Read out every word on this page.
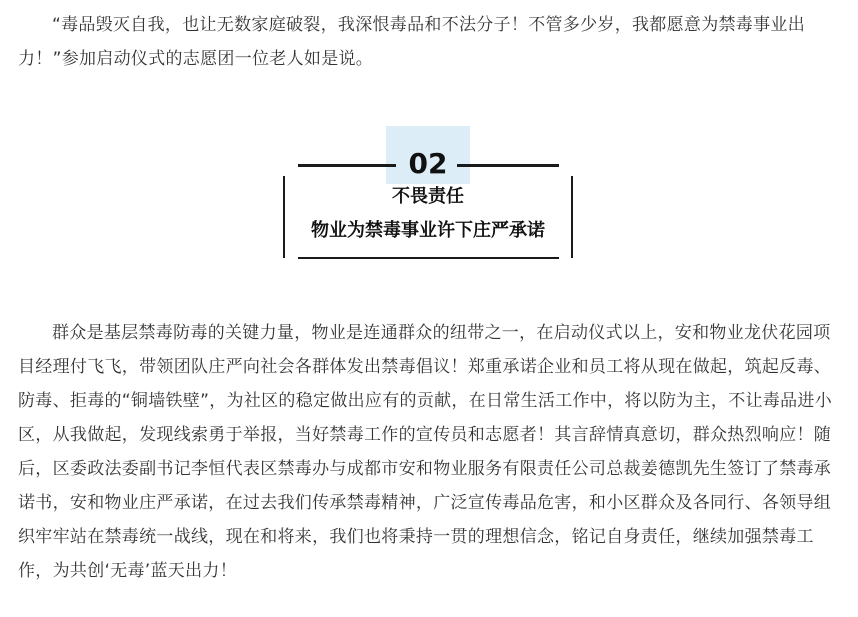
“毒品毁灭自我，也让无数家庭破裂，我深恨毒品和不法分子！不管多少岁，我都愿意为禁毒事业出力！”参加启动仪式的志愿团一位老人如是说。

02
不畏责任
物业为禁毒事业许下庄严承诺

群众是基层禁毒防毒的关键力量，物业是连通群众的纽带之一，在启动仪式以上，安和物业龙伏花园项目经理付飞飞，带领团队庄严向社会各群体发出禁毒倡议！郑重承诺企业和员工将从现在做起，筑起反毒、防毒、拒毒的“铜墙铁壁”，为社区的稳定做出应有的贡献，在日常生活工作中，将以防为主，不让毒品进小区，从我做起，发现线索勇于举报，当好禁毒工作的宣传员和志愿者！其言辞情真意切，群众热烈响应！随后，区委政法委副书记李恒代表区禁毒办与成都市安和物业服务有限责任公司总裁姜德凯先生签订了禁毒承诺书，安和物业庄严承诺，在过去我们传承禁毒精神，广泛宣传毒品危害，和小区群众及各同行、各领导组织牢牢站在禁毒统一战线，现在和将来，我们也将秉持一贯的理想信念，铭记自身责任，继续加强禁毒工作，为共创‘无毒’蓝天出力！
